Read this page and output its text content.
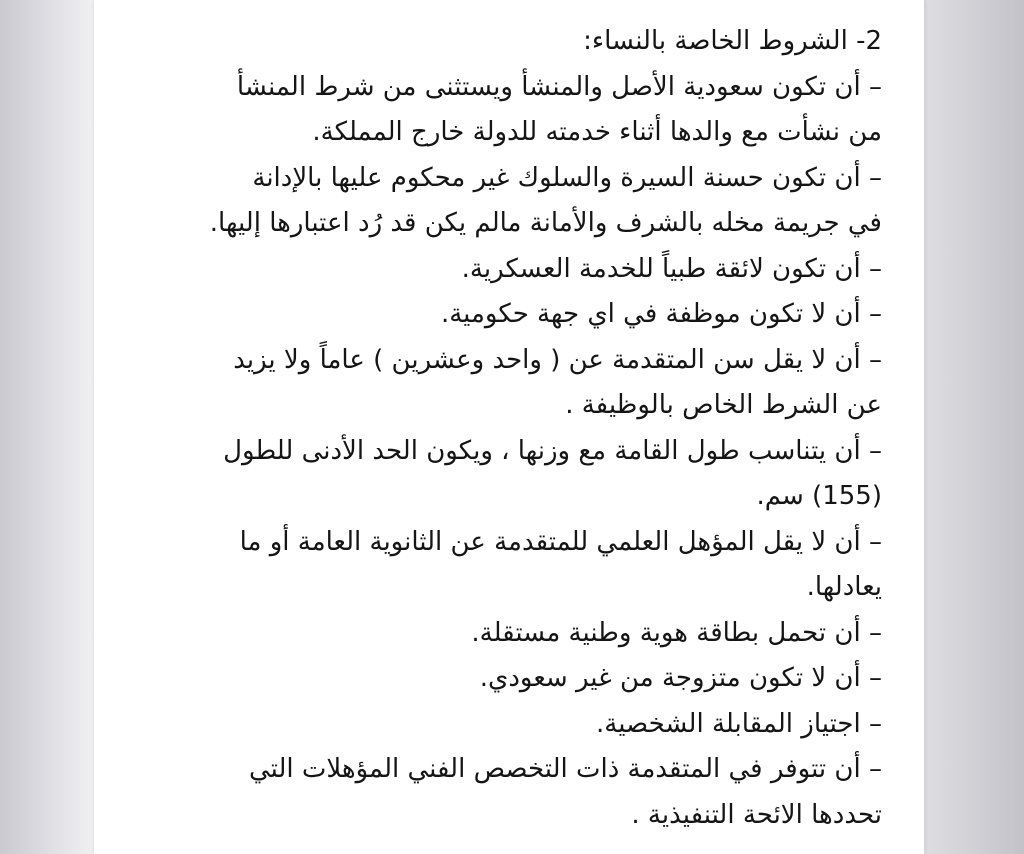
2- الشروط الخاصة بالنساء:
– أن تكون سعودية الأصل والمنشأ ويستثنى من شرط المنشأ
من نشأت مع والدها أثناء خدمته للدولة خارج المملكة.
– أن تكون حسنة السيرة والسلوك غير محكوم عليها بالإدانة
في جريمة مخله بالشرف والأمانة مالم يكن قد رُد اعتبارها إليها.
– أن تكون لائقة طبياً للخدمة العسكرية.
– أن لا تكون موظفة في اي جهة حكومية.
– أن لا يقل سن المتقدمة عن ( واحد وعشرين ) عاماً ولا يزيد
عن الشرط الخاص بالوظيفة .
– أن يتناسب طول القامة مع وزنها ، ويكون الحد الأدنى للطول
(155) سم.
– أن لا يقل المؤهل العلمي للمتقدمة عن الثانوية العامة أو ما
يعادلها.
– أن تحمل بطاقة هوية وطنية مستقلة.
– أن لا تكون متزوجة من غير سعودي.
– اجتياز المقابلة الشخصية.
– أن تتوفر في المتقدمة ذات التخصص الفني المؤهلات التي
تحددها الائحة التنفيذية .
